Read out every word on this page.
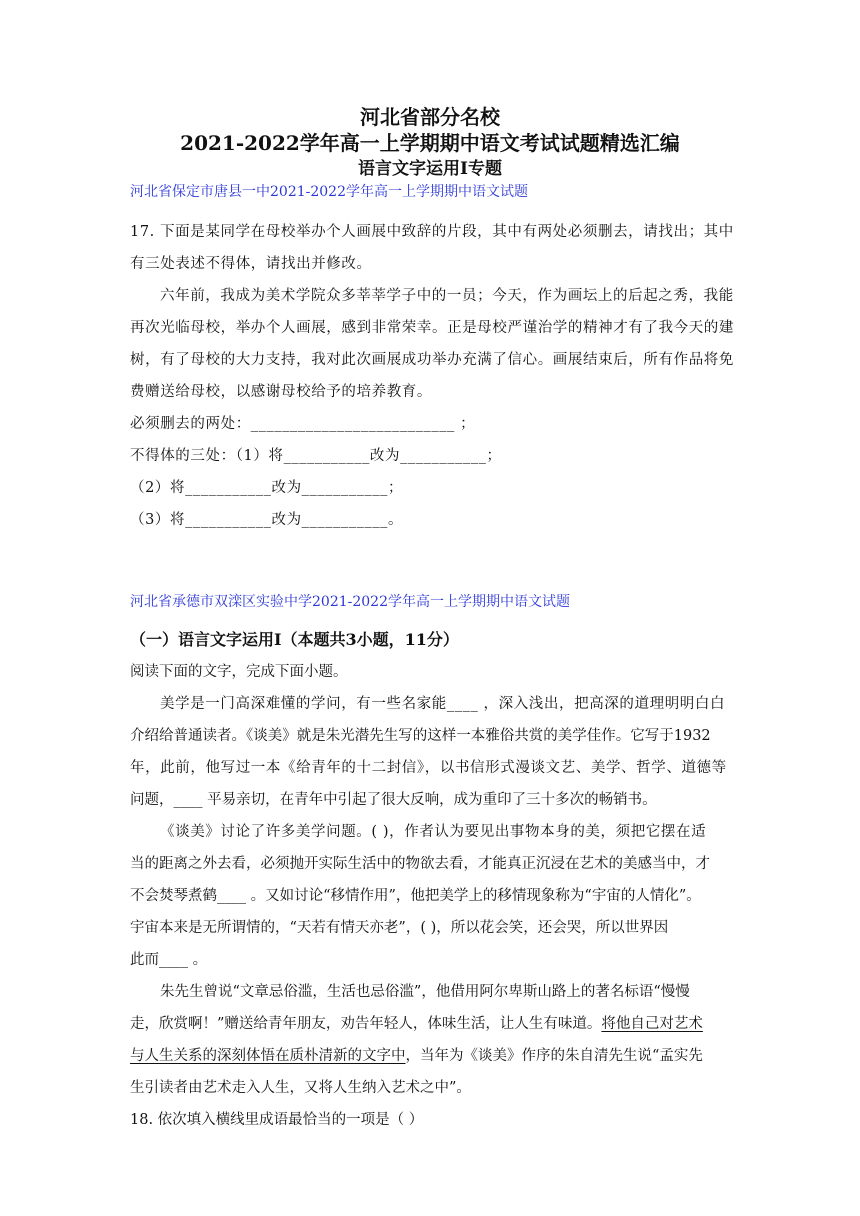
河北省部分名校
2021-2022学年高一上学期期中语文考试试题精选汇编
语言文字运用Ⅰ专题
河北省保定市唐县一中2021-2022学年高一上学期期中语文试题

17. 下面是某同学在母校举办个人画展中致辞的片段，其中有两处必须删去，请找出；其中

有三处表述不得体，请找出并修改。

六年前，我成为美术学院众多莘莘学子中的一员；今天，作为画坛上的后起之秀，我能

再次光临母校，举办个人画展，感到非常荣幸。正是母校严谨治学的精神才有了我今天的建

树，有了母校的大力支持，我对此次画展成功举办充满了信心。画展结束后，所有作品将免

费赠送给母校，以感谢母校给予的培养教育。

必须删去的两处：__________________________ ；

不得体的三处：（1）将___________改为___________；

（2）将___________改为___________；

（3）将___________改为___________。

河北省承德市双滦区实验中学2021-2022学年高一上学期期中语文试题
（一）语言文字运用Ⅰ（本题共3小题，11分）

阅读下面的文字，完成下面小题。

美学是一门高深难懂的学问，有一些名家能____ ，深入浅出，把高深的道理明明白白

介绍给普通读者。《谈美》就是朱光潜先生写的这样一本雅俗共赏的美学佳作。它写于1932

年，此前，他写过一本《给青年的十二封信》，以书信形式漫谈文艺、美学、哲学、道德等

问题，____ 平易亲切，在青年中引起了很大反响，成为重印了三十多次的畅销书。

《谈美》讨论了许多美学问题。( )，作者认为要见出事物本身的美，须把它摆在适

当的距离之外去看，必须抛开实际生活中的物欲去看，才能真正沉浸在艺术的美感当中，才

不会焚琴煮鹤____ 。又如讨论“移情作用”，他把美学上的移情现象称为“宇宙的人情化”。

宇宙本来是无所谓情的，“天若有情天亦老”，( )，所以花会笑，还会哭，所以世界因

此而____ 。

朱先生曾说“文章忌俗滥，生活也忌俗滥”，他借用阿尔卑斯山路上的著名标语“慢慢

走，欣赏啊！”赠送给青年朋友，劝告年轻人，体味生活，让人生有味道。将他自己对艺术

与人生关系的深刻体悟在质朴清新的文字中，当年为《谈美》作序的朱自清先生说“孟实先

生引读者由艺术走入人生，又将人生纳入艺术之中”。

18. 依次填入横线里成语最恰当的一项是（ ）
